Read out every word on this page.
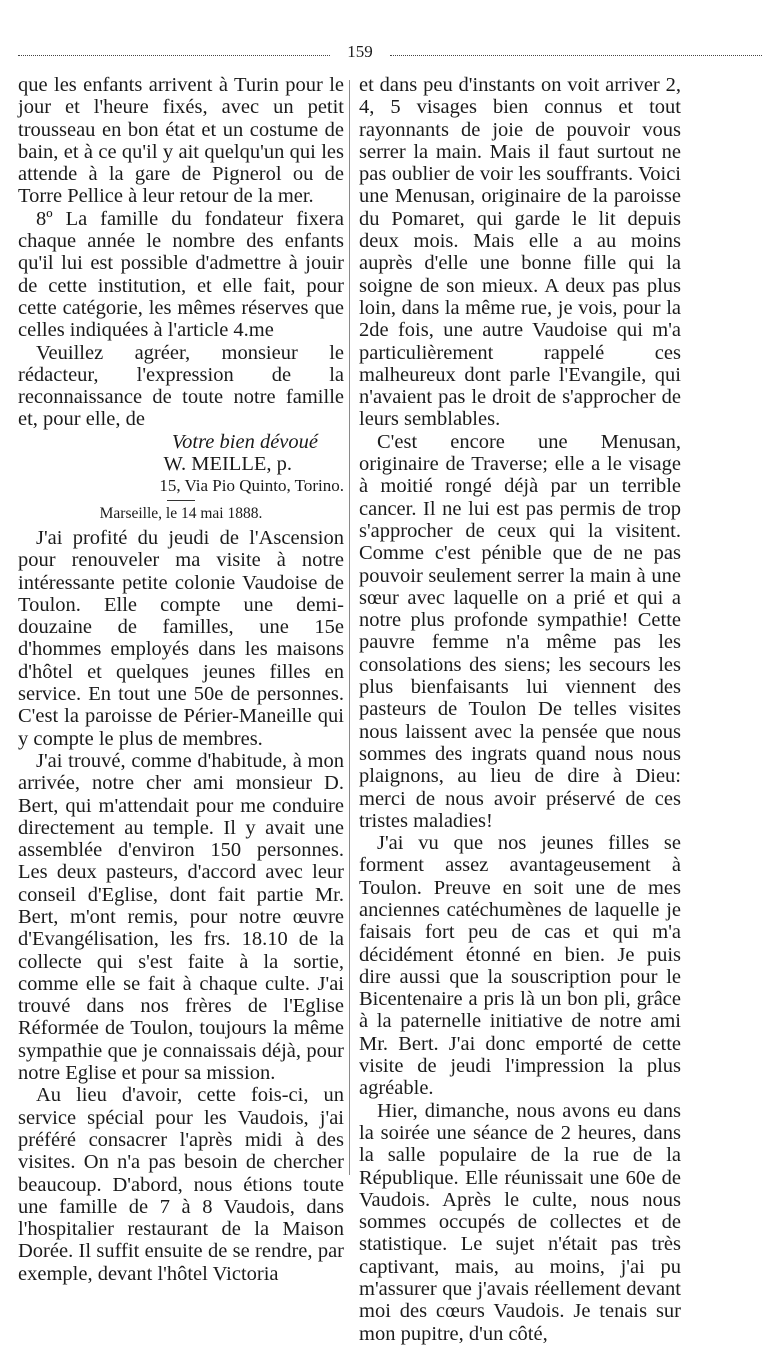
159

que les enfants arrivent à Turin pour le jour et l'heure fixés, avec un petit trousseau en bon état et un costume de bain, et à ce qu'il y ait quelqu'un qui les attende à la gare de Pignerol ou de Torre Pellice à leur retour de la mer.

8º La famille du fondateur fixera chaque année le nombre des enfants qu'il lui est possible d'admettre à jouir de cette institution, et elle fait, pour cette catégorie, les mêmes réserves que celles indiquées à l'article 4.me

Veuillez agréer, monsieur le rédacteur, l'expression de la reconnaissance de toute notre famille et, pour elle, de

Votre bien dévoué

W. MEILLE, p.

15, Via Pio Quinto, Torino.

Marseille, le 14 mai 1888.

J'ai profité du jeudi de l'Ascension pour renouveler ma visite à notre intéressante petite colonie Vaudoise de Toulon. Elle compte une demi-douzaine de familles, une 15e d'hommes employés dans les maisons d'hôtel et quelques jeunes filles en service. En tout une 50e de personnes. C'est la paroisse de Périer-Maneille qui y compte le plus de membres.

J'ai trouvé, comme d'habitude, à mon arrivée, notre cher ami monsieur D. Bert, qui m'attendait pour me conduire directement au temple. Il y avait une assemblée d'environ 150 personnes. Les deux pasteurs, d'accord avec leur conseil d'Eglise, dont fait partie Mr. Bert, m'ont remis, pour notre œuvre d'Evangélisation, les frs. 18.10 de la collecte qui s'est faite à la sortie, comme elle se fait à chaque culte. J'ai trouvé dans nos frères de l'Eglise Réformée de Toulon, toujours la même sympathie que je connaissais déjà, pour notre Eglise et pour sa mission.

Au lieu d'avoir, cette fois-ci, un service spécial pour les Vaudois, j'ai préféré consacrer l'après midi à des visites. On n'a pas besoin de chercher beaucoup. D'abord, nous étions toute une famille de 7 à 8 Vaudois, dans l'hospitalier restaurant de la Maison Dorée. Il suffit ensuite de se rendre, par exemple, devant l'hôtel Victoria

et dans peu d'instants on voit arriver 2, 4, 5 visages bien connus et tout rayonnants de joie de pouvoir vous serrer la main. Mais il faut surtout ne pas oublier de voir les souffrants. Voici une Menusan, originaire de la paroisse du Pomaret, qui garde le lit depuis deux mois. Mais elle a au moins auprès d'elle une bonne fille qui la soigne de son mieux. A deux pas plus loin, dans la même rue, je vois, pour la 2de fois, une autre Vaudoise qui m'a particulièrement rappelé ces malheureux dont parle l'Evangile, qui n'avaient pas le droit de s'approcher de leurs semblables.

C'est encore une Menusan, originaire de Traverse; elle a le visage à moitié rongé déjà par un terrible cancer. Il ne lui est pas permis de trop s'approcher de ceux qui la visitent. Comme c'est pénible que de ne pas pouvoir seulement serrer la main à une sœur avec laquelle on a prié et qui a notre plus profonde sympathie! Cette pauvre femme n'a même pas les consolations des siens; les secours les plus bienfaisants lui viennent des pasteurs de Toulon De telles visites nous laissent avec la pensée que nous sommes des ingrats quand nous nous plaignons, au lieu de dire à Dieu: merci de nous avoir préservé de ces tristes maladies!

J'ai vu que nos jeunes filles se forment assez avantageusement à Toulon. Preuve en soit une de mes anciennes catéchumènes de laquelle je faisais fort peu de cas et qui m'a décidément étonné en bien. Je puis dire aussi que la souscription pour le Bicentenaire a pris là un bon pli, grâce à la paternelle initiative de notre ami Mr. Bert. J'ai donc emporté de cette visite de jeudi l'impression la plus agréable.

Hier, dimanche, nous avons eu dans la soirée une séance de 2 heures, dans la salle populaire de la rue de la République. Elle réunissait une 60e de Vaudois. Après le culte, nous nous sommes occupés de collectes et de statistique. Le sujet n'était pas très captivant, mais, au moins, j'ai pu m'assurer que j'avais réellement devant moi des cœurs Vaudois. Je tenais sur mon pupitre, d'un côté,
